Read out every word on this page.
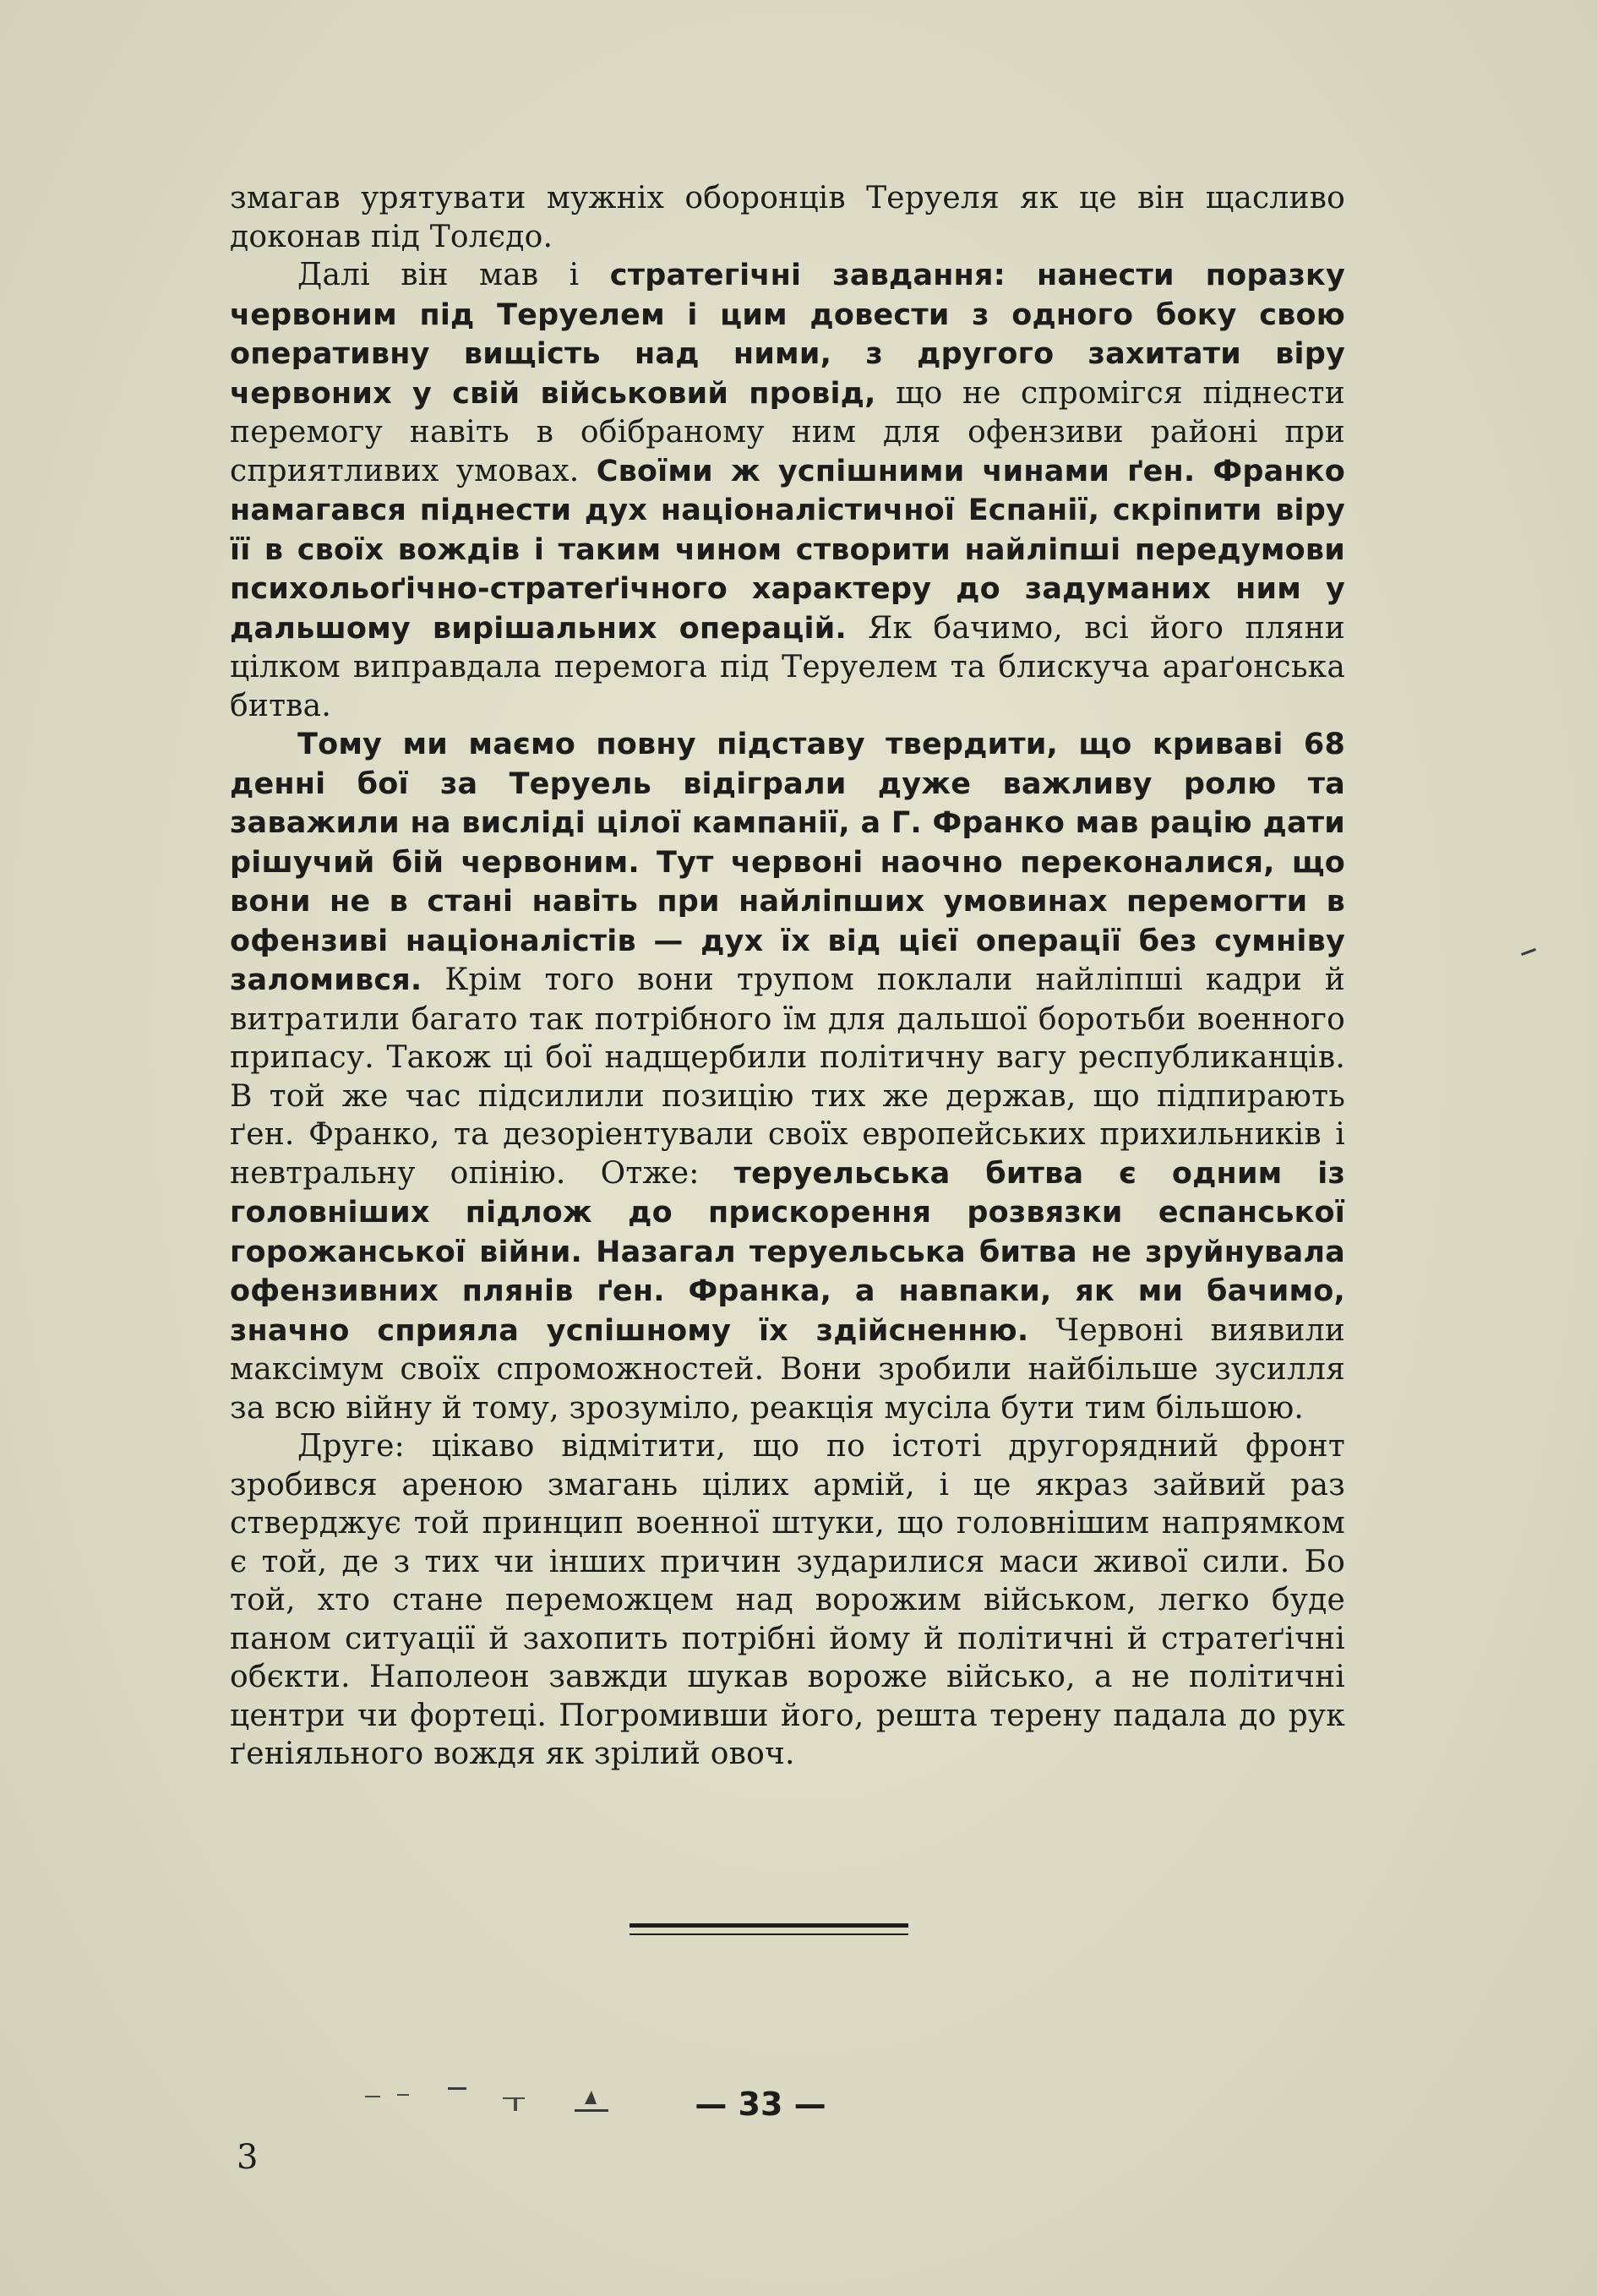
змагав урятувати мужніх оборонців Теруеля як це він щасливо доконав під Толєдо.

Далі він мав і стратегічні завдання: нанести поразку червоним під Теруелем і цим довести з одного боку свою оперативну вищість над ними, з другого захитати віру червоних у свій військовий провід, що не спромігся піднести перемогу навіть в обібраному ним для офензиви районі при сприятливих умовах. Своїми ж успішними чинами ґен. Франко намагався піднести дух націоналістичної Еспанії, скріпити віру її в своїх вождів і таким чином створити найліпші передумови психольоґічно-стратеґічного характеру до задуманих ним у дальшому вирішальних операцій. Як бачимо, всі його пляни цілком виправдала перемога під Теруелем та блискуча араґонська битва.

Тому ми маємо повну підставу твердити, що криваві 68 денні бої за Теруель відіграли дуже важливу ролю та заважили на висліді цілої кампанії, а Г. Франко мав рацію дати рішучий бій червоним. Тут червоні наочно переконалися, що вони не в стані навіть при найліпших умовинах перемогти в офензиві націоналістів — дух їх від цієї операції без сумніву заломився. Крім того вони трупом поклали найліпші кадри й витратили багато так потрібного їм для дальшої боротьби военного припасу. Також ці бої надщербили політичну вагу республиканців. В той же час підсилили позицію тих же держав, що підпирають ґен. Франко, та дезоріентували своїх европейських прихильників і невтральну опінію. Отже: теруельська битва є одним із головніших підлож до прискорення розвязки еспанської горожанської війни. Назагал теруельська битва не зруйнувала офензивних плянів ґен. Франка, а навпаки, як ми бачимо, значно сприяла успішному їх здійсненню. Червоні виявили максімум своїх спроможностей. Вони зробили найбільше зусилля за всю війну й тому, зрозуміло, реакція мусіла бути тим більшою.

Друге: цікаво відмітити, що по істоті другорядний фронт зробився ареною змагань цілих армій, і це якраз зайвий раз стверджує той принцип военної штуки, що головнішим напрямком є той, де з тих чи інших причин зударилися маси живої сили. Бо той, хто стане переможцем над ворожим військом, легко буде паном ситуації й захопить потрібні йому й політичні й стратеґічні обєкти. Наполеон завжди шукав вороже військо, а не політичні центри чи фортеці. Погромивши його, решта терену падала до рук ґеніяльного вождя як зрілий овоч.

— 33 —
3
